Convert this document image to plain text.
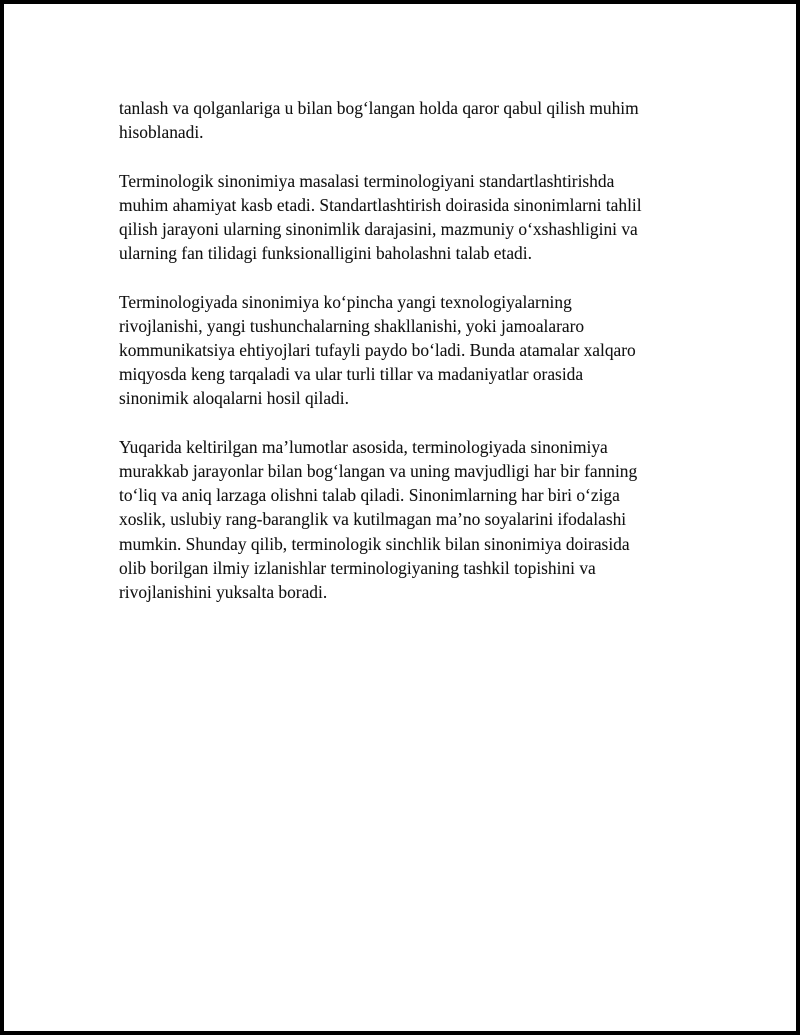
tanlash va qolganlariga u bilan bog‘langan holda qaror qabul qilish muhim
hisoblanadi.

Terminologik sinonimiya masalasi terminologiyani standartlashtirishda
muhim ahamiyat kasb etadi. Standartlashtirish doirasida sinonimlarni tahlil
qilish jarayoni ularning sinonimlik darajasini, mazmuniy o‘xshashligini va
ularning fan tilidagi funksionalligini baholashni talab etadi.

Terminologiyada sinonimiya ko‘pincha yangi texnologiyalarning
rivojlanishi, yangi tushunchalarning shakllanishi, yoki jamoalararo
kommunikatsiya ehtiyojlari tufayli paydo bo‘ladi. Bunda atamalar xalqaro
miqyosda keng tarqaladi va ular turli tillar va madaniyatlar orasida
sinonimik aloqalarni hosil qiladi.

Yuqarida keltirilgan ma’lumotlar asosida, terminologiyada sinonimiya
murakkab jarayonlar bilan bog‘langan va uning mavjudligi har bir fanning
to‘liq va aniq larzaga olishni talab qiladi. Sinonimlarning har biri o‘ziga
xoslik, uslubiy rang-baranglik va kutilmagan ma’no soyalarini ifodalashi
mumkin. Shunday qilib, terminologik sinchlik bilan sinonimiya doirasida
olib borilgan ilmiy izlanishlar terminologiyaning tashkil topishini va
rivojlanishini yuksalta boradi.
